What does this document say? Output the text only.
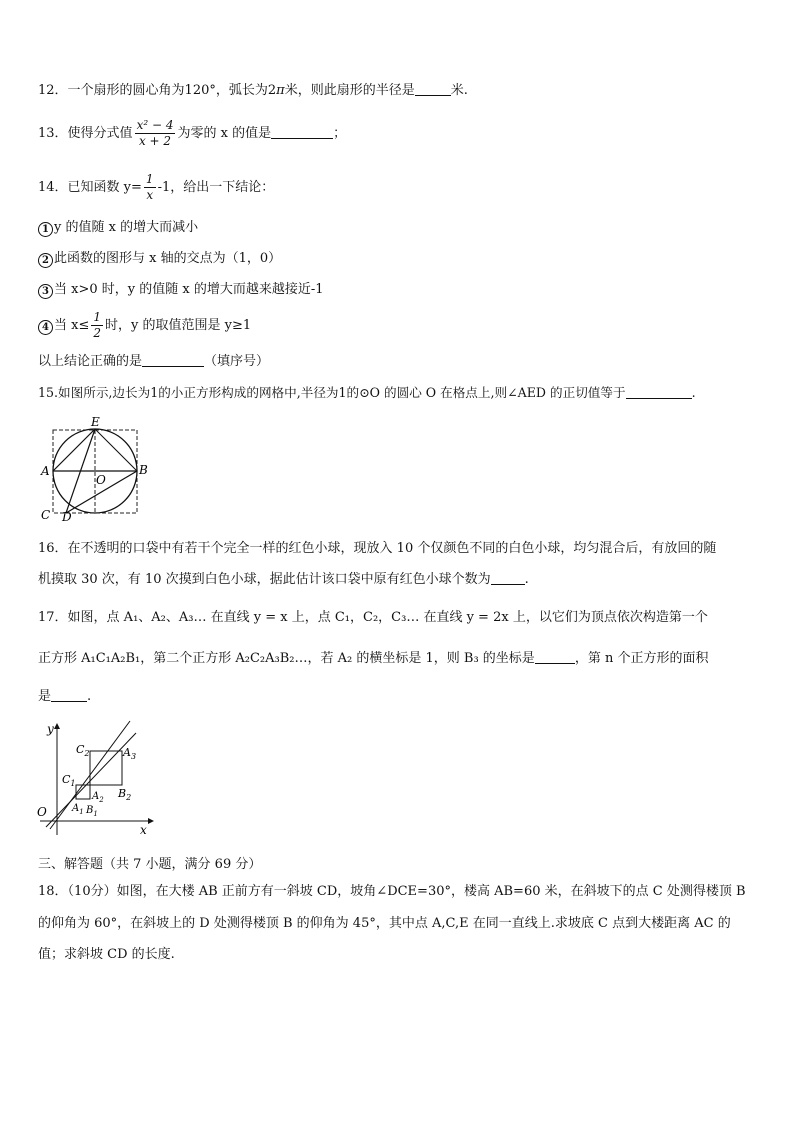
12．一个扇形的圆心角为120°，弧长为2π米，则此扇形的半径是	米.
13．使得分式值 $\frac{\text{x² − 4}}{x + 2}$ 为零的 x 的值是	；
14．已知函数 $y= \frac{1}{x} -1$，给出一下结论：
1 y 的值随 x 的增大而减小
2 此函数的图形与 x 轴的交点为（1，0）
3 当 x>0 时，y 的值随 x 的增大而越来越接近-1
4 当 $x\le \frac{1}{2}$ 时，y 的取值范围是 y≥1
以上结论正确的是	（填序号）
15.如图所示,边长为1的小正方形构成的网格中,半径为1的⊙O 的圆心 O 在格点上,则∠AED 的正切值等于	.
E
A	B
O
C D
16．在不透明的口袋中有若干个完全一样的红色小球，现放入 10 个仅颜色不同的白色小球，均匀混合后，有放回的随
机摸取 30 次，有 10 次摸到白色小球，据此估计该口袋中原有红色小球个数为	.
17．如图，点 A₁、A₂、A₃… 在直线 y = x 上，点 C₁，C₂，C₃… 在直线 y = 2x 上，以它们为顶点依次构造第一个
正方形 A₁C₁A₂B₁，第二个正方形 A₂C₂A₃B₂…，若 A₂ 的横坐标是 1，则 B₃ 的坐标是	，第 n 个正方形的面积
是	.
y
x
O
$C_2$	$A_3$
$C_1$
$A_2$ $B_2$
$A_1$ $B_1$
三、解答题（共 7 小题，满分 69 分）
18．（10分）如图，在大楼 AB 正前方有一斜坡 CD，坡角∠DCE=30°，楼高 AB=60 米，在斜坡下的点 C 处测得楼顶 B
的仰角为 60°，在斜坡上的 D 处测得楼顶 B 的仰角为 45°，其中点 A,C,E 在同一直线上.求坡底 C 点到大楼距离 AC 的
值；求斜坡 CD 的长度.
